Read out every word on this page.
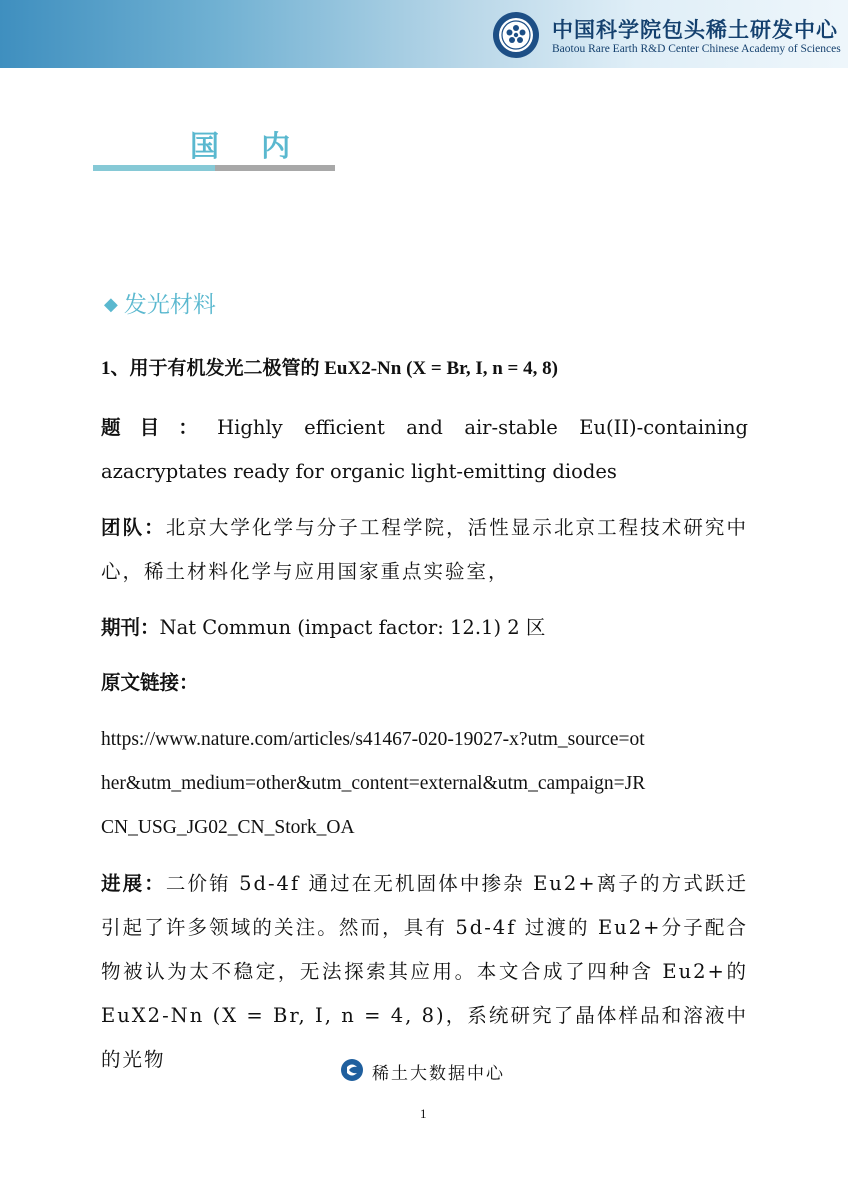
中国科学院包头稀土研发中心
Baotou Rare Earth R&D Center Chinese Academy of Sciences
国 内
◆ 发光材料
1、用于有机发光二极管的 EuX2-Nn (X = Br, I, n = 4, 8)
题目：Highly efficient and air-stable Eu(II)-containing azacryptates ready for organic light-emitting diodes
团队：北京大学化学与分子工程学院，活性显示北京工程技术研究中心，稀土材料化学与应用国家重点实验室，
期刊：Nat Commun (impact factor: 12.1) 2 区
原文链接：
https://www.nature.com/articles/s41467-020-19027-x?utm_source=ot
her&utm_medium=other&utm_content=external&utm_campaign=JR
CN_USG_JG02_CN_Stork_OA
进展：二价铕 5d-4f 通过在无机固体中掺杂 Eu2+离子的方式跃迁引起了许多领域的关注。然而，具有 5d-4f 过渡的 Eu2+分子配合物被认为太不稳定，无法探索其应用。本文合成了四种含 Eu2+的 EuX2-Nn (X = Br, I, n = 4, 8)，系统研究了晶体样品和溶液中的光物
稀土大数据中心
1
